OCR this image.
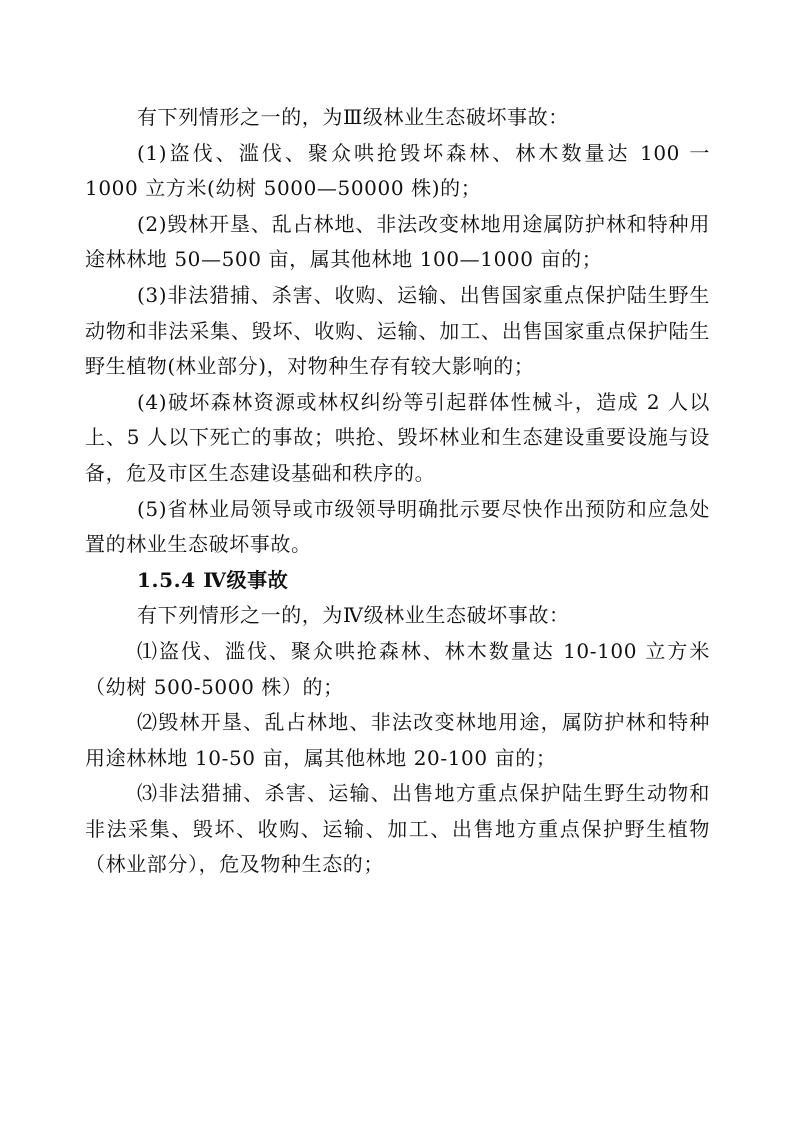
有下列情形之一的，为Ⅲ级林业生态破坏事故：

(1)盗伐、滥伐、聚众哄抢毁坏森林、林木数量达 100 一 1000 立方米(幼树 5000—50000 株)的；

(2)毁林开垦、乱占林地、非法改变林地用途属防护林和特种用途林林地 50—500 亩，属其他林地 100—1000 亩的；

(3)非法猎捕、杀害、收购、运输、出售国家重点保护陆生野生动物和非法采集、毁坏、收购、运输、加工、出售国家重点保护陆生野生植物(林业部分)，对物种生存有较大影响的；

(4)破坏森林资源或林权纠纷等引起群体性械斗，造成 2 人以上、5 人以下死亡的事故；哄抢、毁坏林业和生态建设重要设施与设备，危及市区生态建设基础和秩序的。

(5)省林业局领导或市级领导明确批示要尽快作出预防和应急处置的林业生态破坏事故。

1.5.4 Ⅳ级事故

有下列情形之一的，为Ⅳ级林业生态破坏事故：

⑴盗伐、滥伐、聚众哄抢森林、林木数量达 10-100 立方米（幼树 500-5000 株）的；

⑵毁林开垦、乱占林地、非法改变林地用途，属防护林和特种用途林林地 10-50 亩，属其他林地 20-100 亩的；

⑶非法猎捕、杀害、运输、出售地方重点保护陆生野生动物和非法采集、毁坏、收购、运输、加工、出售地方重点保护野生植物（林业部分），危及物种生态的；
